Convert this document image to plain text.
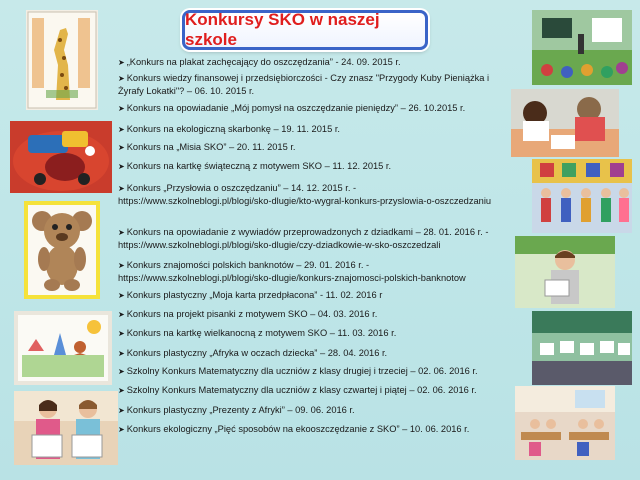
Konkursy SKO w naszej szkole

➤ „Konkurs na plakat zachęcający do oszczędzania” - 24. 09. 2015 r.

➤ Konkurs wiedzy finansowej i przedsiębiorczości - Czy znasz "Przygody Kuby Pieniążka i Żyrafy Lokatki"? – 06. 10. 2015 r.

➤ Konkurs na opowiadanie „Mój pomysł na oszczędzanie pieniędzy” – 26. 10.2015 r.

➤ Konkurs na ekologiczną skarbonkę – 19. 11. 2015 r.

➤ Konkurs na „Misia SKO” – 20. 11. 2015 r.

➤ Konkurs na kartkę świąteczną z motywem SKO – 11. 12. 2015 r.

➤ Konkurs „Przysłowia o oszczędzaniu” – 14. 12. 2015 r. - https://www.szkolneblogi.pl/blogi/sko-dlugie/kto-wygral-konkurs-przyslowia-o-oszczedzaniu

➤ Konkurs na opowiadanie z wywiadów przeprowadzonych z dziadkami – 28. 01. 2016 r. - https://www.szkolneblogi.pl/blogi/sko-dlugie/czy-dziadkowie-w-sko-oszczedzali

➤ Konkurs znajomości polskich banknotów – 29. 01. 2016 r. - https://www.szkolneblogi.pl/blogi/sko-dlugie/konkurs-znajomosci-polskich-banknotow

➤ Konkurs plastyczny „Moja karta przedpłacona” - 11. 02. 2016 r

➤ Konkurs na projekt pisanki z motywem SKO – 04. 03. 2016 r.

➤ Konkurs na kartkę wielkanocną z motywem SKO – 11. 03. 2016 r.

➤ Konkurs plastyczny „Afryka w oczach dziecka” – 28. 04. 2016 r.

➤ Szkolny Konkurs Matematyczny dla uczniów z klasy drugiej i trzeciej – 02. 06. 2016 r.

➤ Szkolny Konkurs Matematyczny dla uczniów z klasy czwartej i piątej – 02. 06. 2016 r.

➤ Konkurs plastyczny „Prezenty z Afryki” – 09. 06. 2016 r.

➤ Konkurs ekologiczny „Pięć sposobów na ekooszczędzanie z SKO” – 10. 06. 2016 r.
